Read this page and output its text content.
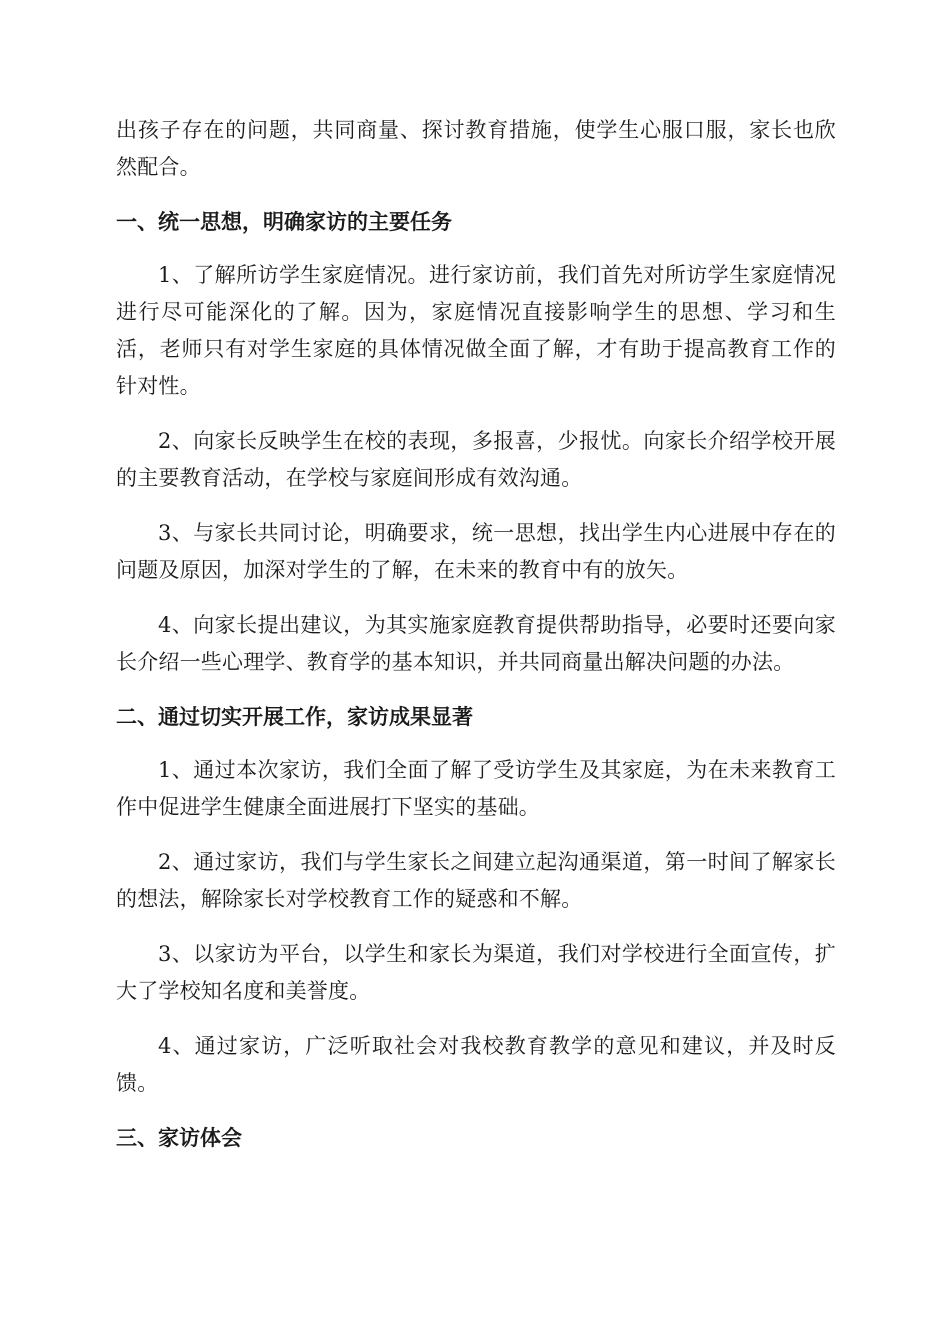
出孩子存在的问题，共同商量、探讨教育措施，使学生心服口服，家长也欣然配合。

一、统一思想，明确家访的主要任务

1、了解所访学生家庭情况。进行家访前，我们首先对所访学生家庭情况进行尽可能深化的了解。因为，家庭情况直接影响学生的思想、学习和生活，老师只有对学生家庭的具体情况做全面了解，才有助于提高教育工作的针对性。

2、向家长反映学生在校的表现，多报喜，少报忧。向家长介绍学校开展的主要教育活动，在学校与家庭间形成有效沟通。

3、与家长共同讨论，明确要求，统一思想，找出学生内心进展中存在的问题及原因，加深对学生的了解，在未来的教育中有的放矢。

4、向家长提出建议，为其实施家庭教育提供帮助指导，必要时还要向家长介绍一些心理学、教育学的基本知识，并共同商量出解决问题的办法。

二、通过切实开展工作，家访成果显著

1、通过本次家访，我们全面了解了受访学生及其家庭，为在未来教育工作中促进学生健康全面进展打下坚实的基础。

2、通过家访，我们与学生家长之间建立起沟通渠道，第一时间了解家长的想法，解除家长对学校教育工作的疑惑和不解。

3、以家访为平台，以学生和家长为渠道，我们对学校进行全面宣传，扩大了学校知名度和美誉度。

4、通过家访，广泛听取社会对我校教育教学的意见和建议，并及时反馈。

三、家访体会
